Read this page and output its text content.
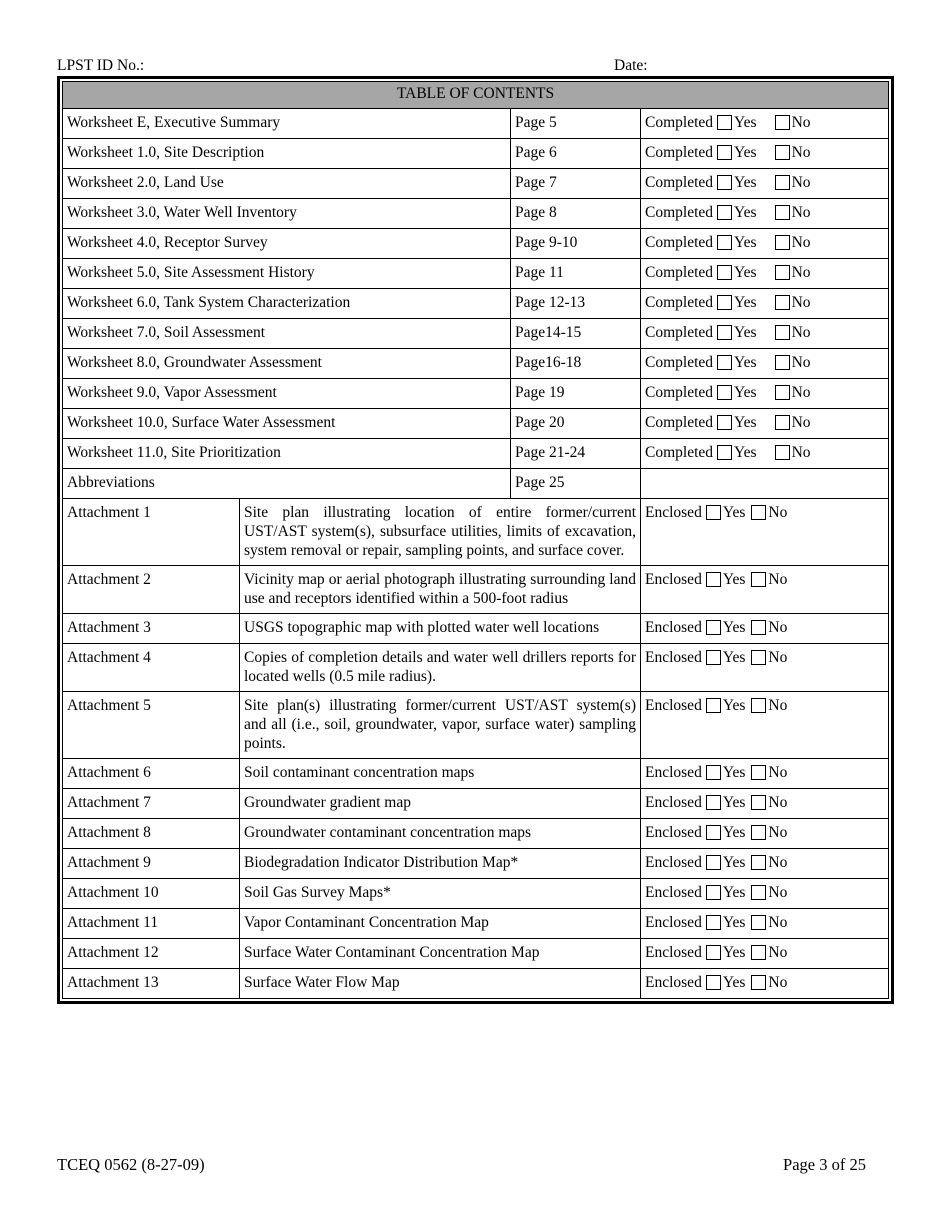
LPST ID No.:	Date:
TABLE OF CONTENTS			
Worksheet E, Executive Summary		Page 5	Completed Yes No
Worksheet 1.0, Site Description		Page 6	Completed Yes No
Worksheet 2.0, Land Use		Page 7	Completed Yes No
Worksheet 3.0, Water Well Inventory		Page 8	Completed Yes No
Worksheet 4.0, Receptor Survey		Page 9-10	Completed Yes No
Worksheet 5.0, Site Assessment History		Page 11	Completed Yes No
Worksheet 6.0, Tank System Characterization		Page 12-13	Completed Yes No
Worksheet 7.0, Soil Assessment		Page14-15	Completed Yes No
Worksheet 8.0, Groundwater Assessment		Page16-18	Completed Yes No
Worksheet 9.0, Vapor Assessment		Page 19	Completed Yes No
Worksheet 10.0, Surface Water Assessment		Page 20	Completed Yes No
Worksheet 11.0, Site Prioritization		Page 21-24	Completed Yes No
Abbreviations		Page 25	
Attachment 1	Site plan illustrating location of entire former/current UST/AST system(s), subsurface utilities, limits of excavation, system removal or repair, sampling points, and surface cover.		Enclosed Yes No
Attachment 2	Vicinity map or aerial photograph illustrating surrounding land use and receptors identified within a 500-foot radius		Enclosed Yes No
Attachment 3	USGS topographic map with plotted water well locations		Enclosed Yes No
Attachment 4	Copies of completion details and water well drillers reports for located wells (0.5 mile radius).		Enclosed Yes No
Attachment 5	Site plan(s) illustrating former/current UST/AST system(s) and all (i.e., soil, groundwater, vapor, surface water) sampling points.		Enclosed Yes No
Attachment 6	Soil contaminant concentration maps		Enclosed Yes No
Attachment 7	Groundwater gradient map		Enclosed Yes No
Attachment 8	Groundwater contaminant concentration maps		Enclosed Yes No
Attachment 9	Biodegradation Indicator Distribution Map*		Enclosed Yes No
Attachment 10	Soil Gas Survey Maps*		Enclosed Yes No
Attachment 11	Vapor Contaminant Concentration Map		Enclosed Yes No
Attachment 12	Surface Water Contaminant Concentration Map		Enclosed Yes No
Attachment 13	Surface Water Flow Map		Enclosed Yes No
TCEQ 0562 (8-27-09)	Page 3 of 25
